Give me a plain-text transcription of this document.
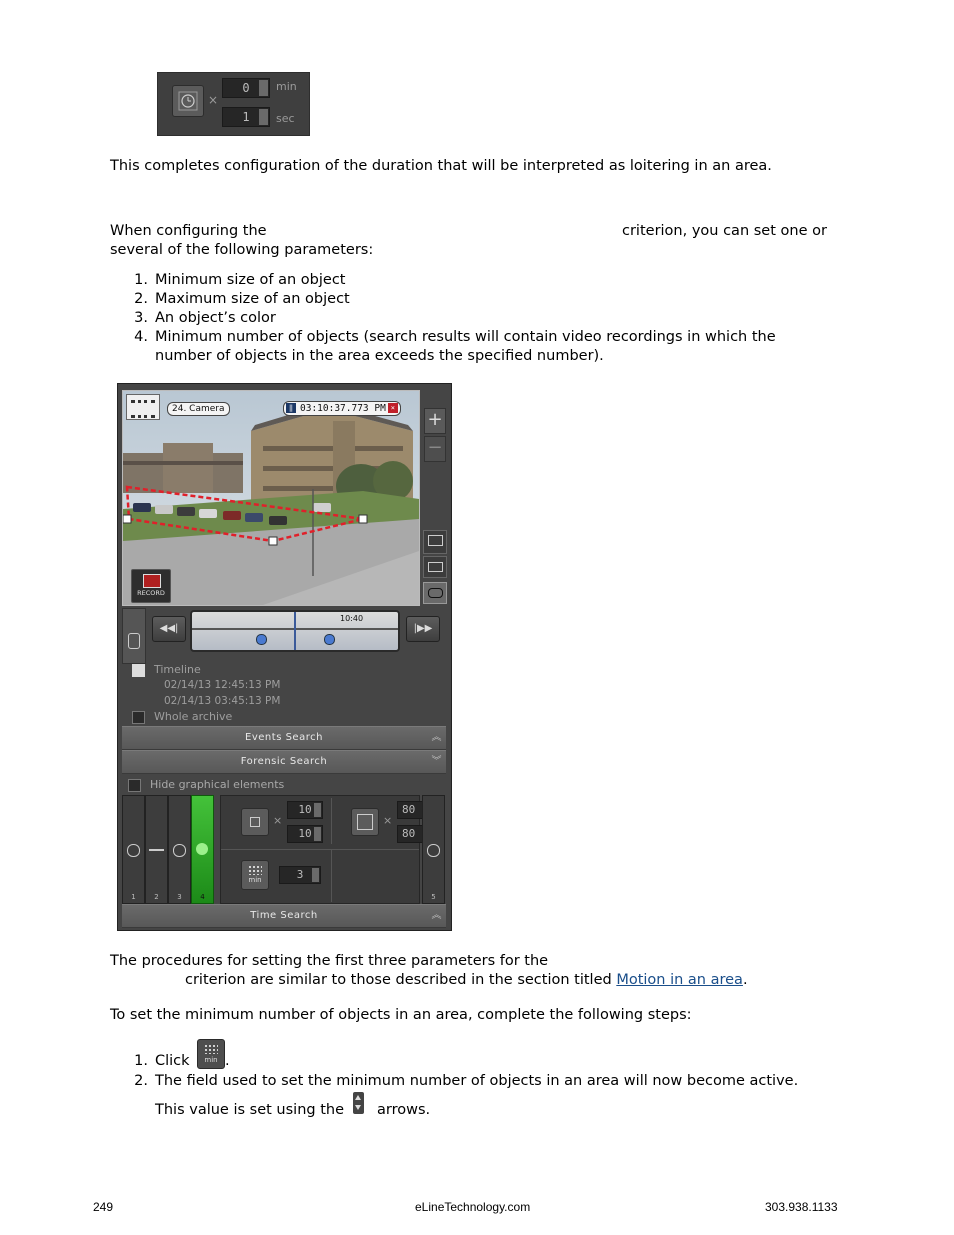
×
0	min
1	sec
This completes configuration of the duration that will be interpreted as loitering in an area.
When configuring the	criterion, you can set one or
several of the following parameters:
1. Minimum size of an object
2. Maximum size of an object
3. An object’s color
4. Minimum number of objects (search results will contain video recordings in which the
number of objects in the area exceeds the specified number).
24. Camera	‖ 03:10:37.773 PM ×
RECORD
+
−
◀◀|
10:40
|▶▶
Timeline
02/14/13 12:45:13 PM
02/14/13 03:45:13 PM
Whole archive
Events Search	︽
Forensic Search	︾
Hide graphical elements
1	2	3	4
×
10
10
×
80
80
min	3
5
Time Search	︽
The procedures for setting the first three parameters for the
criterion are similar to those described in the section titled Motion in an area.
To set the minimum number of objects in an area, complete the following steps:
1. Click	min .
2. The field used to set the minimum number of objects in an area will now become active.
This value is set using the arrows.
249	eLineTechnology.com	303.938.1133
